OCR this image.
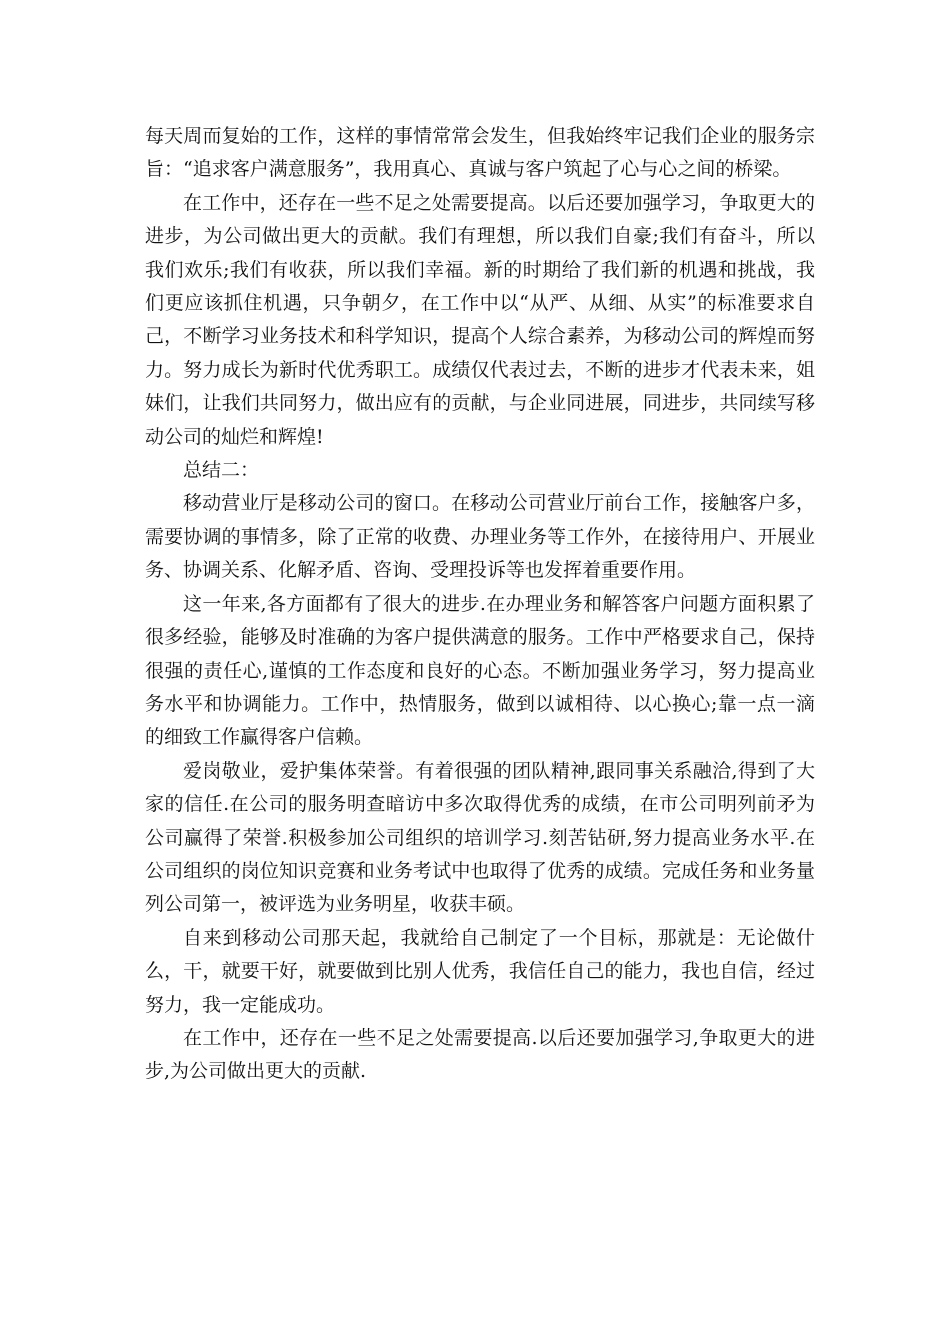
每天周而复始的工作，这样的事情常常会发生，但我始终牢记我们企业的服务宗旨：“追求客户满意服务”，我用真心、真诚与客户筑起了心与心之间的桥梁。

在工作中，还存在一些不足之处需要提高。以后还要加强学习，争取更大的进步，为公司做出更大的贡献。我们有理想，所以我们自豪;我们有奋斗，所以我们欢乐;我们有收获，所以我们幸福。新的时期给了我们新的机遇和挑战，我们更应该抓住机遇，只争朝夕，在工作中以“从严、从细、从实”的标准要求自己，不断学习业务技术和科学知识，提高个人综合素养，为移动公司的辉煌而努力。努力成长为新时代优秀职工。成绩仅代表过去，不断的进步才代表未来，姐妹们，让我们共同努力，做出应有的贡献，与企业同进展，同进步，共同续写移动公司的灿烂和辉煌!

总结二：

移动营业厅是移动公司的窗口。在移动公司营业厅前台工作，接触客户多，需要协调的事情多，除了正常的收费、办理业务等工作外，在接待用户、开展业务、协调关系、化解矛盾、咨询、受理投诉等也发挥着重要作用。

这一年来,各方面都有了很大的进步.在办理业务和解答客户问题方面积累了很多经验，能够及时准确的为客户提供满意的服务。工作中严格要求自己，保持很强的责任心,谨慎的工作态度和良好的心态。不断加强业务学习，努力提高业务水平和协调能力。工作中，热情服务，做到以诚相待、以心换心;靠一点一滴的细致工作赢得客户信赖。

爱岗敬业，爱护集体荣誉。有着很强的团队精神,跟同事关系融洽,得到了大家的信任.在公司的服务明查暗访中多次取得优秀的成绩，在市公司明列前矛为公司赢得了荣誉.积极参加公司组织的培训学习.刻苦钻研,努力提高业务水平.在公司组织的岗位知识竞赛和业务考试中也取得了优秀的成绩。完成任务和业务量列公司第一，被评选为业务明星，收获丰硕。

自来到移动公司那天起，我就给自己制定了一个目标，那就是：无论做什么，干，就要干好，就要做到比别人优秀，我信任自己的能力，我也自信，经过努力，我一定能成功。

在工作中，还存在一些不足之处需要提高.以后还要加强学习,争取更大的进步,为公司做出更大的贡献.
